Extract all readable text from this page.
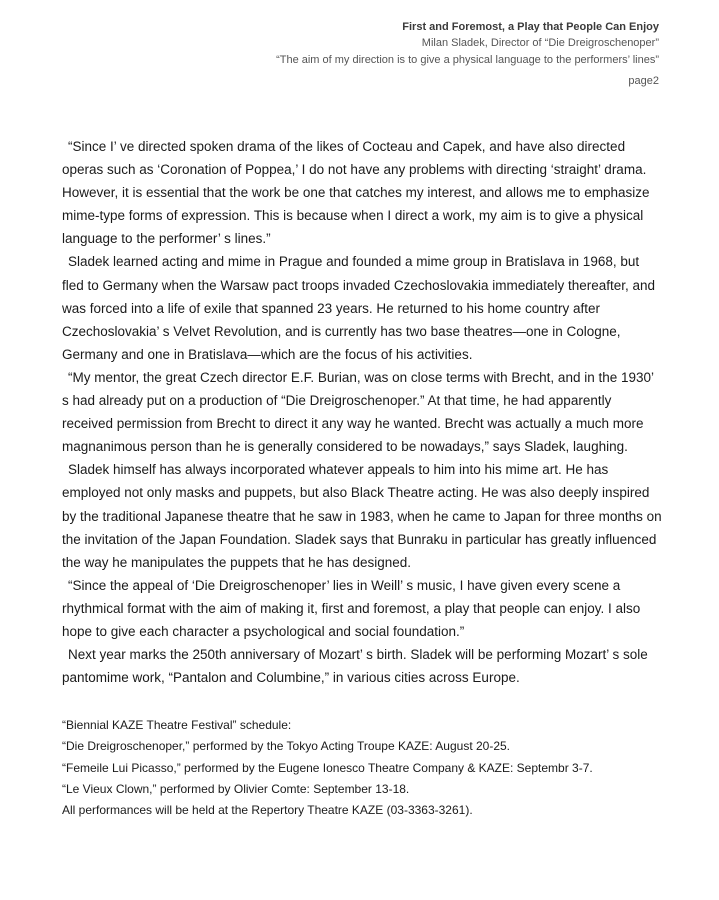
First and Foremost, a Play that People Can Enjoy
Milan Sladek, Director of “Die Dreigroschenoper”
“The aim of my direction is to give a physical language to the performers’ lines”
page2

“Since I’ ve directed spoken drama of the likes of Cocteau and Capek, and have also directed operas such as ‘Coronation of Poppea,’ I do not have any problems with directing ‘straight’ drama. However, it is essential that the work be one that catches my interest, and allows me to emphasize mime-type forms of expression. This is because when I direct a work, my aim is to give a physical language to the performer’ s lines.”

Sladek learned acting and mime in Prague and founded a mime group in Bratislava in 1968, but fled to Germany when the Warsaw pact troops invaded Czechoslovakia immediately thereafter, and was forced into a life of exile that spanned 23 years. He returned to his home country after Czechoslovakia’ s Velvet Revolution, and is currently has two base theatres—one in Cologne, Germany and one in Bratislava—which are the focus of his activities.

“My mentor, the great Czech director E.F. Burian, was on close terms with Brecht, and in the 1930’ s had already put on a production of “Die Dreigroschenoper.” At that time, he had apparently received permission from Brecht to direct it any way he wanted. Brecht was actually a much more magnanimous person than he is generally considered to be nowadays,” says Sladek, laughing.

Sladek himself has always incorporated whatever appeals to him into his mime art. He has employed not only masks and puppets, but also Black Theatre acting. He was also deeply inspired by the traditional Japanese theatre that he saw in 1983, when he came to Japan for three months on the invitation of the Japan Foundation. Sladek says that Bunraku in particular has greatly influenced the way he manipulates the puppets that he has designed.

“Since the appeal of ‘Die Dreigroschenoper’ lies in Weill’ s music, I have given every scene a rhythmical format with the aim of making it, first and foremost, a play that people can enjoy. I also hope to give each character a psychological and social foundation.”

Next year marks the 250th anniversary of Mozart’ s birth. Sladek will be performing Mozart’ s sole pantomime work, “Pantalon and Columbine,” in various cities across Europe.

“Biennial KAZE Theatre Festival” schedule:
“Die Dreigroschenoper,” performed by the Tokyo Acting Troupe KAZE: August 20-25.
“Femeile Lui Picasso,” performed by the Eugene Ionesco Theatre Company & KAZE: Septembr 3-7.
“Le Vieux Clown,” performed by Olivier Comte: September 13-18.
All performances will be held at the Repertory Theatre KAZE (03-3363-3261).
